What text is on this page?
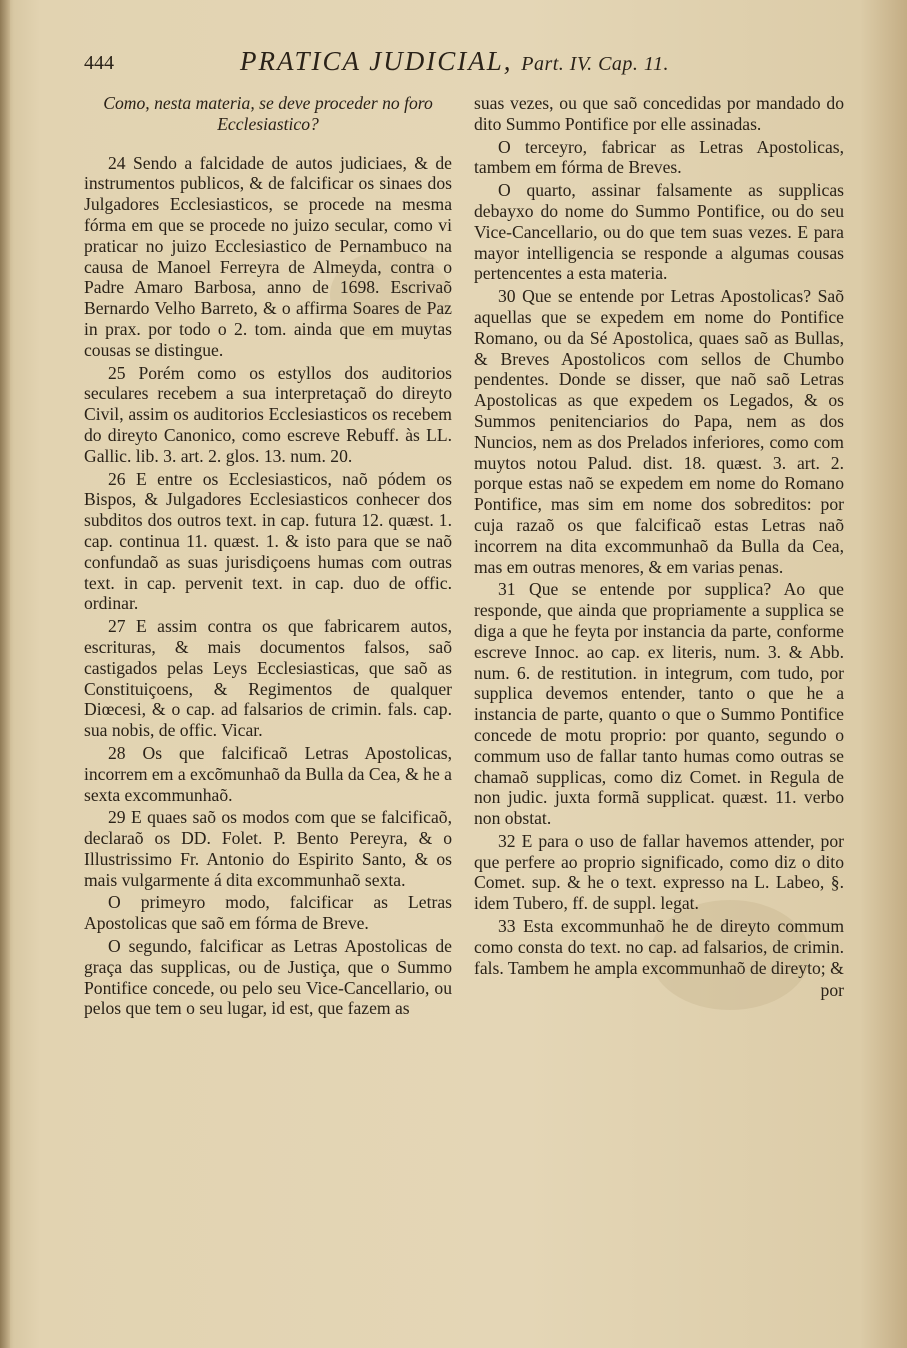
444	PRATICA JUDICIAL, Part. IV. Cap. 11.

Como, nesta materia, se deve proceder no foro Ecclesiastico?

24 Sendo a falcidade de autos judiciaes, & de instrumentos publicos, & de falcificar os sinaes dos Julgadores Ecclesiasticos, se procede na mesma fórma em que se procede no juizo secular, como vi praticar no juizo Ecclesiastico de Pernambuco na causa de Manoel Ferreyra de Almeyda, contra o Padre Amaro Barbosa, anno de 1698. Escrivaõ Bernardo Velho Barreto, & o affirma Soares de Paz in prax. por todo o 2. tom. ainda que em muytas cousas se distingue.

25 Porém como os estyllos dos auditorios seculares recebem a sua interpretaçaõ do direyto Civil, assim os auditorios Ecclesiasticos os recebem do direyto Canonico, como escreve Rebuff. às LL. Gallic. lib. 3. art. 2. glos. 13. num. 20.

26 E entre os Ecclesiasticos, naõ pódem os Bispos, & Julgadores Ecclesiasticos conhecer dos subditos dos outros text. in cap. futura 12. quæst. 1. cap. continua 11. quæst. 1. & isto para que se naõ confundaõ as suas jurisdiçoens humas com outras text. in cap. pervenit text. in cap. duo de offic. ordinar.

27 E assim contra os que fabricarem autos, escrituras, & mais documentos falsos, saõ castigados pelas Leys Ecclesiasticas, que saõ as Constituiçoens, & Regimentos de qualquer Diœcesi, & o cap. ad falsarios de crimin. fals. cap. sua nobis, de offic. Vicar.

28 Os que falcificaõ Letras Apostolicas, incorrem em a excõmunhaõ da Bulla da Cea, & he a sexta excommunhaõ.

29 E quaes saõ os modos com que se falcificaõ, declaraõ os DD. Folet. P. Bento Pereyra, & o Illustrissimo Fr. Antonio do Espirito Santo, & os mais vulgarmente á dita excommunhaõ sexta.

O primeyro modo, falcificar as Letras Apostolicas que saõ em fórma de Breve.

O segundo, falcificar as Letras Apostolicas de graça das supplicas, ou de Justiça, que o Summo Pontifice concede, ou pelo seu Vice-Cancellario, ou pelos que tem o seu lugar, id est, que fazem as

suas vezes, ou que saõ concedidas por mandado do dito Summo Pontifice por elle assinadas.

O terceyro, fabricar as Letras Apostolicas, tambem em fórma de Breves.

O quarto, assinar falsamente as supplicas debayxo do nome do Summo Pontifice, ou do seu Vice-Cancellario, ou do que tem suas vezes. E para mayor intelligencia se responde a algumas cousas pertencentes a esta materia.

30 Que se entende por Letras Apostolicas? Saõ aquellas que se expedem em nome do Pontifice Romano, ou da Sé Apostolica, quaes saõ as Bullas, & Breves Apostolicos com sellos de Chumbo pendentes. Donde se disser, que naõ saõ Letras Apostolicas as que expedem os Legados, & os Summos penitenciarios do Papa, nem as dos Nuncios, nem as dos Prelados inferiores, como com muytos notou Palud. dist. 18. quæst. 3. art. 2. porque estas naõ se expedem em nome do Romano Pontifice, mas sim em nome dos sobreditos: por cuja razaõ os que falcificaõ estas Letras naõ incorrem na dita excommunhaõ da Bulla da Cea, mas em outras menores, & em varias penas.

31 Que se entende por supplica? Ao que responde, que ainda que propriamente a supplica se diga a que he feyta por instancia da parte, conforme escreve Innoc. ao cap. ex literis, num. 3. & Abb. num. 6. de restitution. in integrum, com tudo, por supplica devemos entender, tanto o que he a instancia de parte, quanto o que o Summo Pontifice concede de motu proprio: por quanto, segundo o commum uso de fallar tanto humas como outras se chamaõ supplicas, como diz Comet. in Regula de non judic. juxta formã supplicat. quæst. 11. verbo non obstat.

32 E para o uso de fallar havemos attender, por que perfere ao proprio significado, como diz o dito Comet. sup. & he o text. expresso na L. Labeo, §. idem Tubero, ff. de suppl. legat.

33 Esta excommunhaõ he de direyto commum como consta do text. no cap. ad falsarios, de crimin. fals. Tambem he ampla excommunhaõ de direyto; &

por
